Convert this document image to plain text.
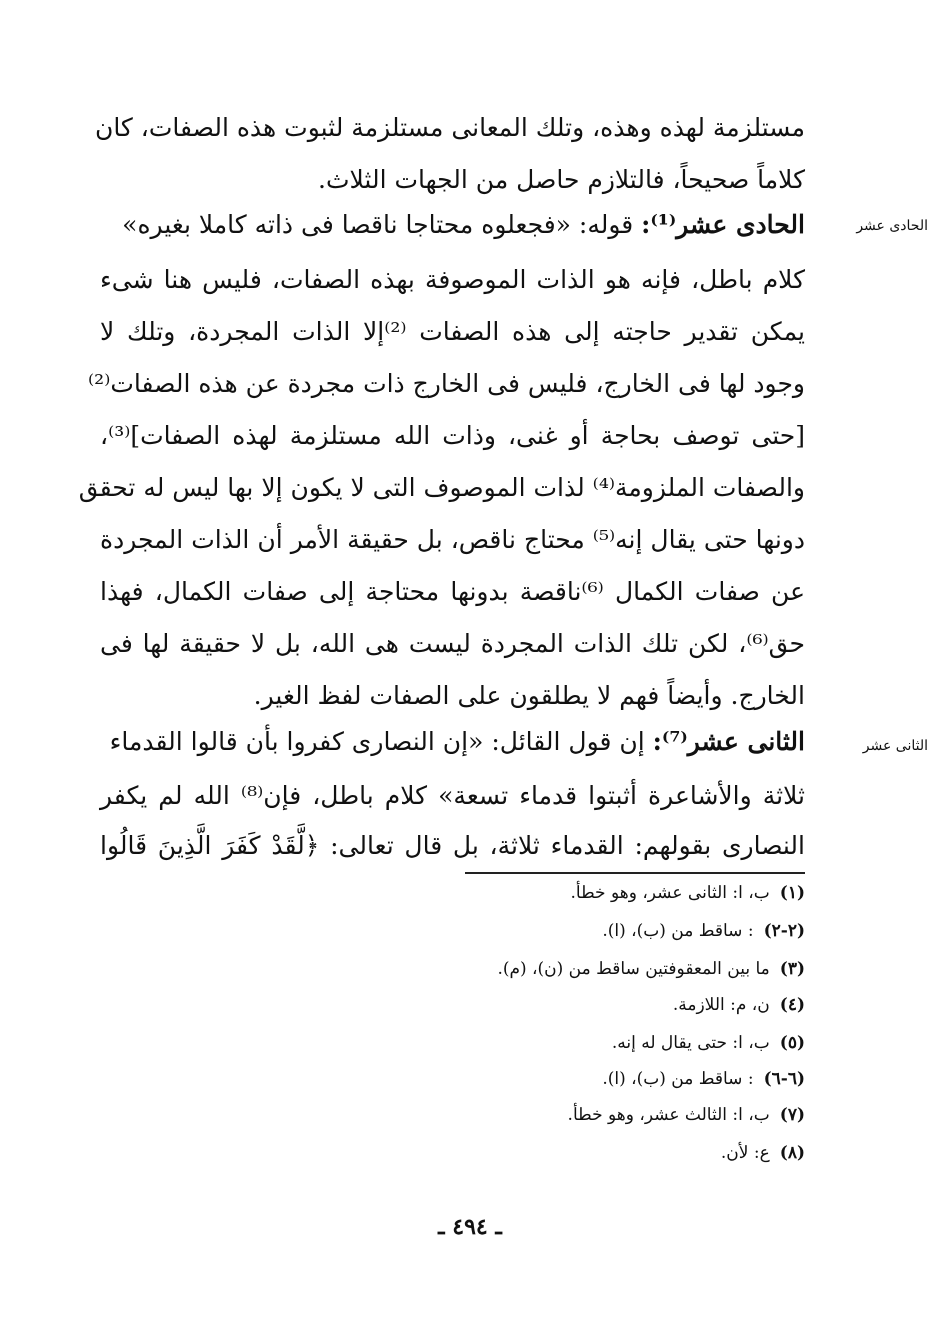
الحادى عشر
الثانى عشر
مستلزمة لهذه وهذه، وتلك المعانى مستلزمة لثبوت هذه الصفات، كان
كلاماً صحيحاً، فالتلازم حاصل من الجهات الثلاث.
الحادى عشر⁽¹⁾: قوله: «فجعلوه محتاجا ناقصا فى ذاته كاملا بغيره»
كلام باطل، فإنه هو الذات الموصوفة بهذه الصفات، فليس هنا شىء
يمكن تقدير حاجته إلى هذه الصفات ⁽²⁾إلا الذات المجردة، وتلك لا
وجود لها فى الخارج، فليس فى الخارج ذات مجردة عن هذه الصفات⁽²⁾
[حتى توصف بحاجة أو غنى، وذات الله مستلزمة لهذه الصفات]⁽³⁾،
والصفات الملزومة⁽⁴⁾ لذات الموصوف التى لا يكون إلا بها ليس له تحقق
دونها حتى يقال إنه⁽⁵⁾ محتاج ناقص، بل حقيقة الأمر أن الذات المجردة
عن صفات الكمال ⁽⁶⁾ناقصة بدونها محتاجة إلى صفات الكمال، فهذا
حق⁽⁶⁾، لكن تلك الذات المجردة ليست هى الله، بل لا حقيقة لها فى
الخارج. وأيضاً فهم لا يطلقون على الصفات لفظ الغير.
الثانى عشر⁽⁷⁾: إن قول القائل: «إن النصارى كفروا بأن قالوا القدماء
ثلاثة والأشاعرة أثبتوا قدماء تسعة» كلام باطل، فإن⁽⁸⁾ الله لم يكفر
النصارى بقولهم: القدماء ثلاثة، بل قال تعالى: ﴿لَّقَدْ كَفَرَ الَّذِينَ قَالُوا
(١)ب، ا: الثانى عشر، وهو خطأ.
(٢-٢): ساقط من (ب)، (ا).
(٣)ما بين المعقوفتين ساقط من (ن)، (م).
(٤)ن، م: اللازمة.
(٥)ب، ا: حتى يقال له إنه.
(٦-٦): ساقط من (ب)، (ا).
(٧)ب، ا: الثالث عشر، وهو خطأ.
(٨)ع: لأن.
ـ ٤٩٤ ـ
